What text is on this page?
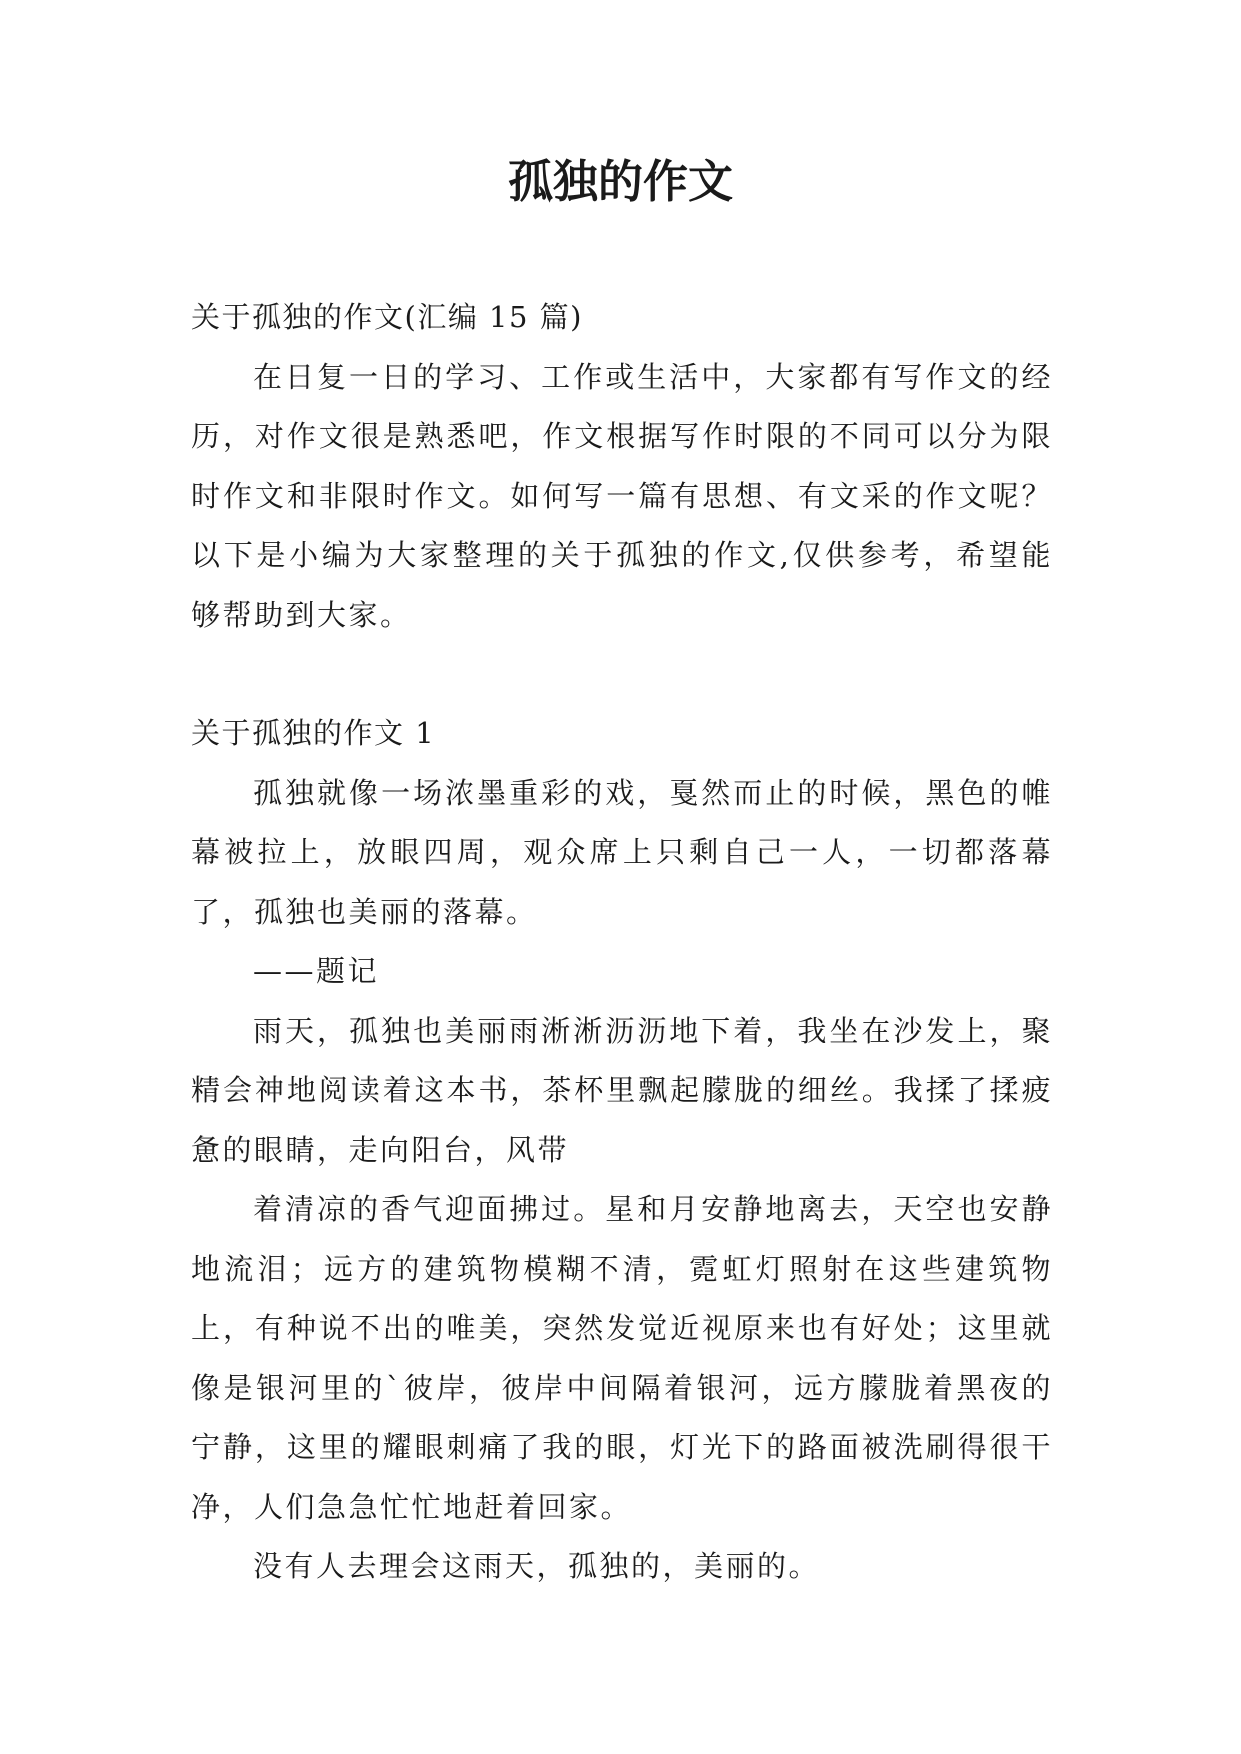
孤独的作文

关于孤独的作文(汇编 15 篇)

在日复一日的学习、工作或生活中，大家都有写作文的经历，对作文很是熟悉吧，作文根据写作时限的不同可以分为限时作文和非限时作文。如何写一篇有思想、有文采的作文呢？以下是小编为大家整理的关于孤独的作文,仅供参考，希望能够帮助到大家。

关于孤独的作文 1

孤独就像一场浓墨重彩的戏，戛然而止的时候，黑色的帷幕被拉上，放眼四周，观众席上只剩自己一人，一切都落幕了，孤独也美丽的落幕。

——题记

雨天，孤独也美丽雨淅淅沥沥地下着，我坐在沙发上，聚精会神地阅读着这本书，茶杯里飘起朦胧的细丝。我揉了揉疲惫的眼睛，走向阳台，风带

着清凉的香气迎面拂过。星和月安静地离去，天空也安静地流泪；远方的建筑物模糊不清，霓虹灯照射在这些建筑物上，有种说不出的唯美，突然发觉近视原来也有好处；这里就像是银河里的`彼岸，彼岸中间隔着银河，远方朦胧着黑夜的宁静，这里的耀眼刺痛了我的眼，灯光下的路面被洗刷得很干净，人们急急忙忙地赶着回家。

没有人去理会这雨天，孤独的，美丽的。
